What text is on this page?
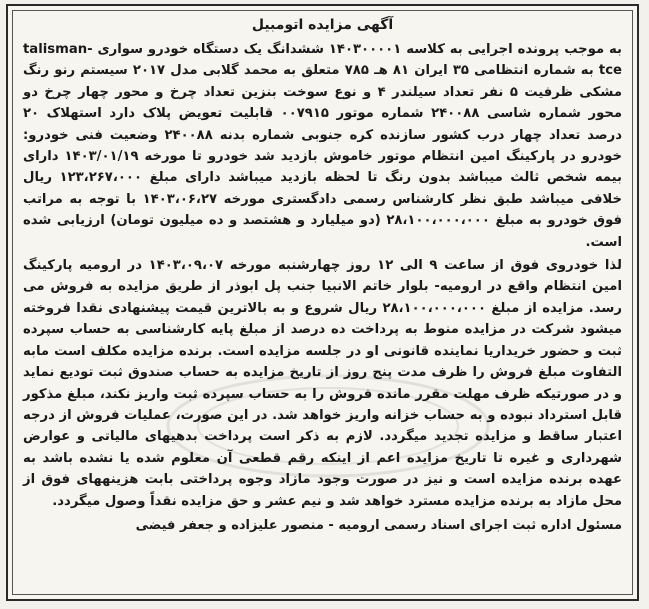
آگهی مزایده اتومبیل

به موجب پرونده اجرایی به کلاسه ۱۴۰۳۰۰۰۰۱ ششدانگ یک دستگاه خودرو سواری talisman-tce به شماره انتظامی ۳۵ ایران ۸۱ هـ ۷۸۵ متعلق به محمد گلابی مدل ۲۰۱۷ سیستم رنو رنگ مشکی ظرفیت ۵ نفر تعداد سیلندر ۴ و نوع سوخت بنزین تعداد چرخ و محور چهار چرخ دو محور شماره شاسی ۲۴۰۰۸۸ شماره موتور ۰۰۷۹۱۵ قابلیت تعویض پلاک دارد استهلاک ۲۰ درصد تعداد چهار درب کشور سازنده کره جنوبی شماره بدنه ۲۴۰۰۸۸ وضعیت فنی خودرو: خودرو در پارکینگ امین انتظام موتور خاموش بازدید شد خودرو تا مورخه ۱۴۰۳/۰۱/۱۹ دارای بیمه شخص ثالث میباشد بدون رنگ تا لحظه بازدید میباشد دارای مبلغ ۱۲۳،۲۶۷،۰۰۰ ریال خلافی میباشد طبق نظر کارشناس رسمی دادگستری مورخه ۱۴۰۳،۰۶،۲۷ با توجه به مراتب فوق خودرو به مبلغ ۲۸،۱۰۰،۰۰۰،۰۰۰ (دو میلیارد و هشتصد و ده میلیون تومان) ارزیابی شده است.

لذا خودروی فوق از ساعت ۹ الی ۱۲ روز چهارشنبه مورخه ۱۴۰۳،۰۹،۰۷ در ارومیه پارکینگ امین انتظام واقع در ارومیه- بلوار خاتم الانبیا جنب پل ابوذر از طریق مزایده به فروش می رسد. مزایده از مبلغ ۲۸،۱۰۰،۰۰۰،۰۰۰ ریال شروع و به بالاترین قیمت پیشنهادی نقدا فروخته میشود شرکت در مزایده منوط به پرداخت ده درصد از مبلغ پایه کارشناسی به حساب سپرده ثبت و حضور خریداریا نماینده قانونی او در جلسه مزایده است. برنده مزایده مکلف است مابه التفاوت مبلغ فروش را ظرف مدت پنج روز از تاریخ مزایده به حساب صندوق ثبت تودیع نماید و در صورتیکه ظرف مهلت مقرر مانده فروش را به حساب سپرده ثبت واریز نکند، مبلغ مذکور قابل استرداد نبوده و به حساب خزانه واریز خواهد شد. در این صورت، عملیات فروش از درجه اعتبار ساقط و مزایده تجدید میگردد. لازم به ذکر است پرداخت بدهیهای مالیاتی و عوارض شهرداری و غیره تا تاریخ مزایده اعم از اینکه رقم قطعی آن معلوم شده یا نشده باشد به عهده برنده مزایده است و نیز در صورت وجود مازاد وجوه پرداختی بابت هزینههای فوق از محل مازاد به برنده مزایده مسترد خواهد شد و نیم عشر و حق مزایده نقداً وصول میگردد.

مسئول اداره ثبت اجرای اسناد رسمی ارومیه - منصور علیزاده و جعفر فیضی
